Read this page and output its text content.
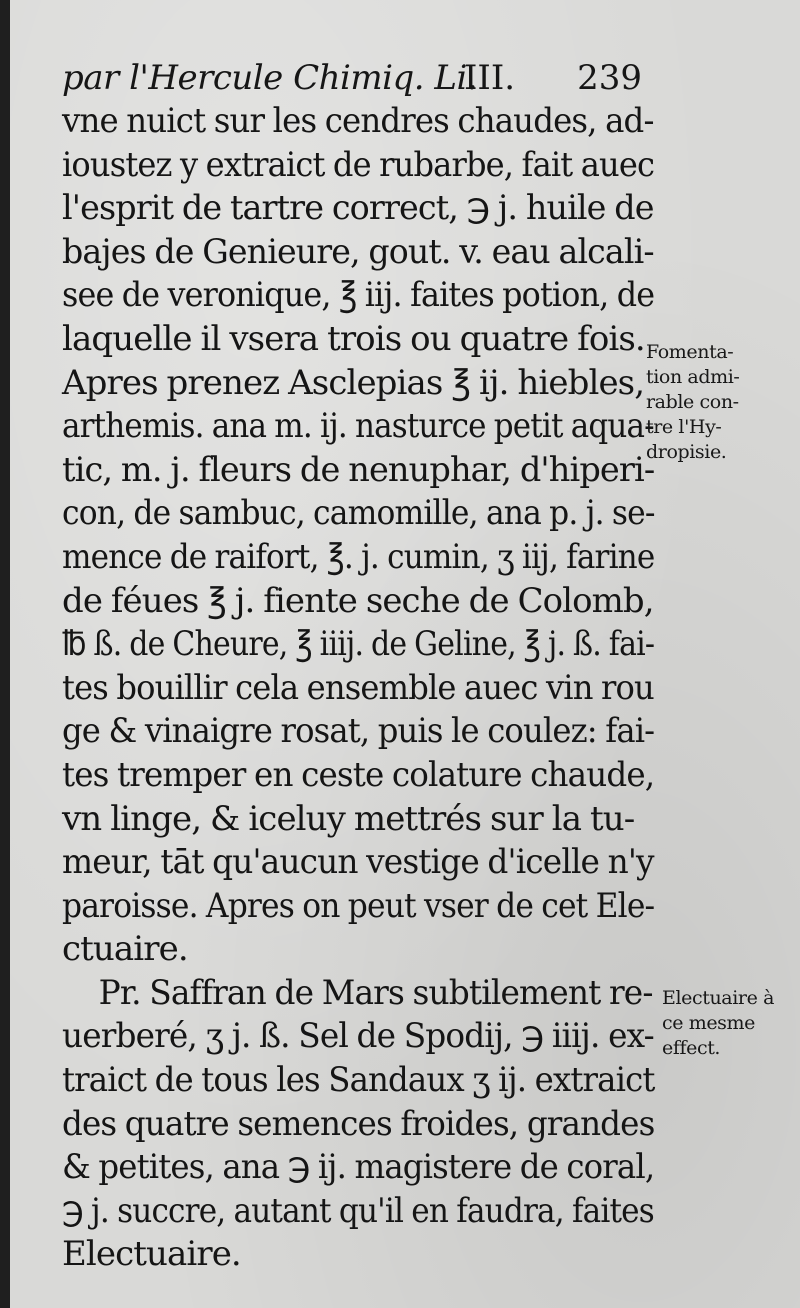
par l'Hercule Chimiq. Li.
III. 239
vne nuict sur les cendres chaudes, ad-
ioustez y extraict de rubarbe, fait auec
l'esprit de tartre correct, ℈ j. huile de
bajes de Genieure, gout. v. eau alcali-
see de veronique, ℥ iij. faites potion, de
laquelle il vsera trois ou quatre fois.
Apres prenez Asclepias ℥ ij. hiebles,
arthemis. ana m. ij. nasturce petit aqua-
tic, m. j. fleurs de nenuphar, d'hiperi-
con, de sambuc, camomille, ana p. j. se-
mence de raifort, ℥. j. cumin, ʒ iij, farine
de féues ℥ j. fiente seche de Colomb,
℔ ß. de Cheure, ℥ iiij. de Geline, ℥ j. ß. fai-
tes bouillir cela ensemble auec vin rou
ge & vinaigre rosat, puis le coulez: fai-
tes tremper en ceste colature chaude,
vn linge, & iceluy mettrés sur la tu-
meur, tāt qu'aucun vestige d'icelle n'y
paroisse. Apres on peut vser de cet Ele-
ctuaire.
Pr. Saffran de Mars subtilement re-
uerberé, ʒ j. ß. Sel de Spodij, ℈ iiij. ex-
traict de tous les Sandaux ʒ ij. extraict
des quatre semences froides, grandes
& petites, ana ℈ ij. magistere de coral,
℈ j. succre, autant qu'il en faudra, faites
Electuaire.
Fomenta-
tion admi-
rable con-
tre l'Hy-
dropisie.
Electuaire à
ce mesme
effect.
